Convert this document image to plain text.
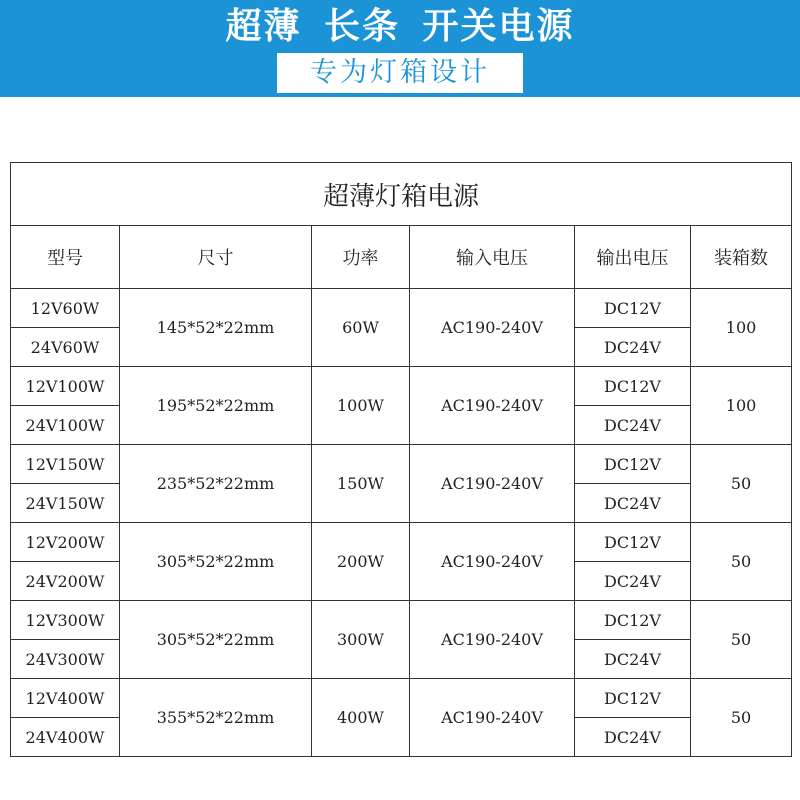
超薄 长条 开关电源
专为灯箱设计
超薄灯箱电源					
型号	尺寸	功率	输入电压	输出电压	装箱数
12V60W	145*52*22mm	60W	AC190-240V	DC12V	100
24V60W				DC24V	
12V100W	195*52*22mm	100W	AC190-240V	DC12V	100
24V100W				DC24V	
12V150W	235*52*22mm	150W	AC190-240V	DC12V	50
24V150W				DC24V	
12V200W	305*52*22mm	200W	AC190-240V	DC12V	50
24V200W				DC24V	
12V300W	305*52*22mm	300W	AC190-240V	DC12V	50
24V300W				DC24V	
12V400W	355*52*22mm	400W	AC190-240V	DC12V	50
24V400W				DC24V	
